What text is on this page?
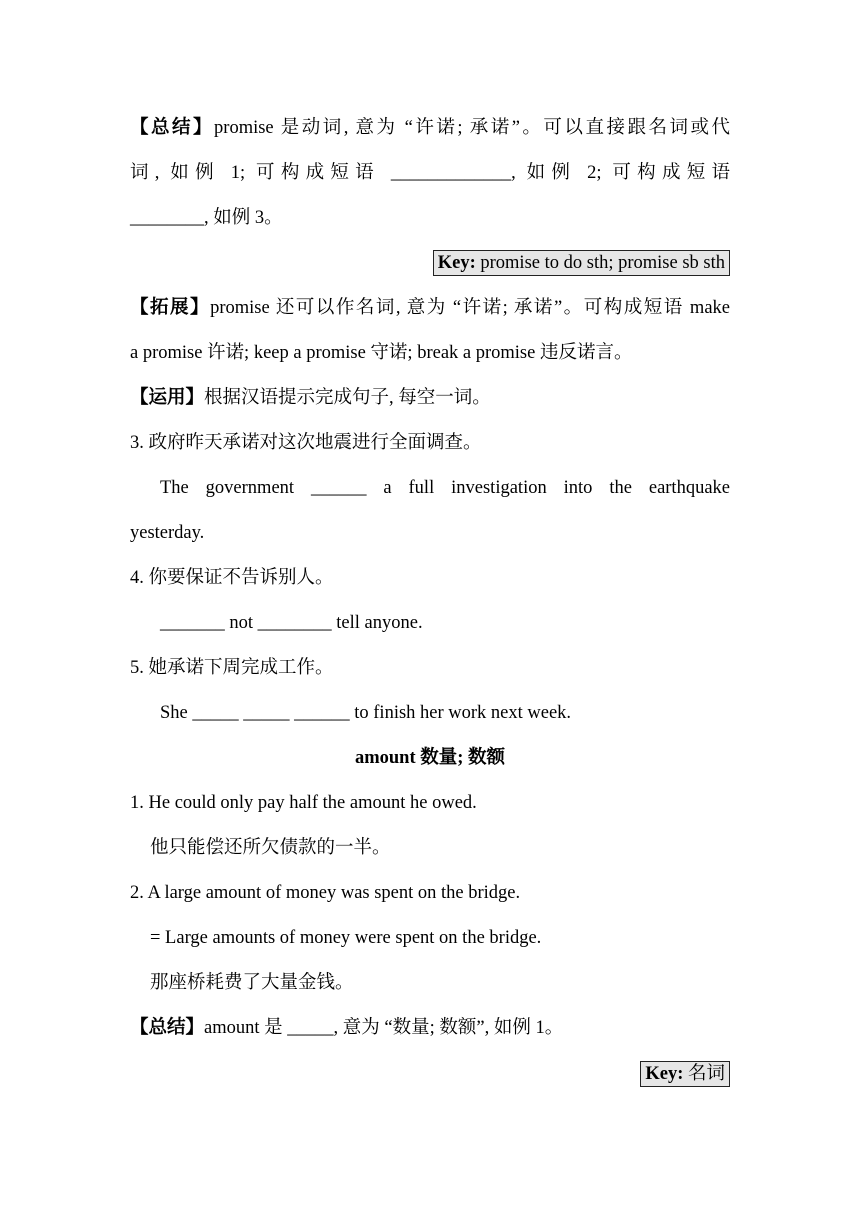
【总结】promise 是动词, 意为 “许诺; 承诺”。可以直接跟名词或代
词, 如例 1; 可构成短语 _____________, 如例 2; 可构成短语
________, 如例 3。
Key: promise to do sth; promise sb sth
【拓展】promise 还可以作名词, 意为 “许诺; 承诺”。可构成短语 make
a promise 许诺; keep a promise 守诺; break a promise 违反诺言。
【运用】根据汉语提示完成句子, 每空一词。
3. 政府昨天承诺对这次地震进行全面调查。
The government ______ a full investigation into the earthquake
yesterday.
4. 你要保证不告诉别人。
_______ not ________ tell anyone.
5. 她承诺下周完成工作。
She _____ _____ ______ to finish her work next week.
amount 数量; 数额
1. He could only pay half the amount he owed.
他只能偿还所欠债款的一半。
2. A large amount of money was spent on the bridge.
= Large amounts of money were spent on the bridge.
那座桥耗费了大量金钱。
【总结】amount 是 _____, 意为 “数量; 数额”, 如例 1。
Key: 名词
